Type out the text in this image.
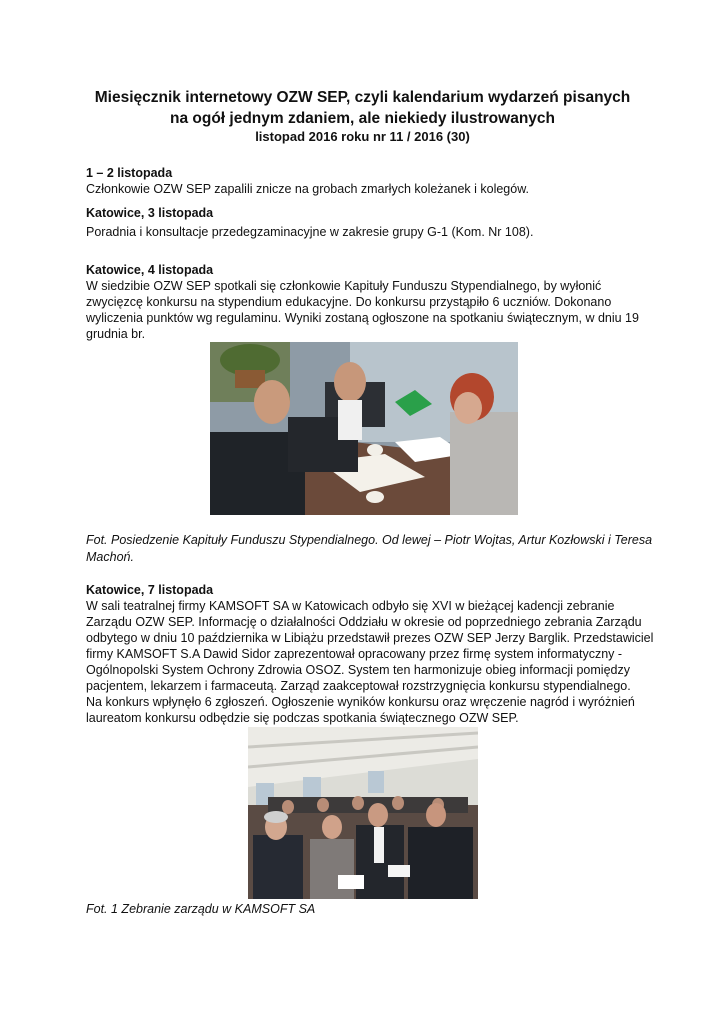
Miesięcznik internetowy OZW SEP, czyli kalendarium wydarzeń pisanych
na ogół jednym zdaniem, ale niekiedy ilustrowanych
listopad 2016 roku nr 11 / 2016 (30)
1 – 2 listopada
Członkowie OZW SEP zapalili znicze na grobach zmarłych koleżanek i kolegów.
Katowice, 3 listopada
Poradnia i konsultacje przedegzaminacyjne w zakresie grupy G-1 (Kom. Nr 108).
Katowice, 4 listopada
W siedzibie OZW SEP spotkali się członkowie Kapituły Funduszu Stypendialnego, by wyłonić
zwycięzcę konkursu na stypendium edukacyjne. Do konkursu przystąpiło 6 uczniów. Dokonano
wyliczenia punktów wg regulaminu. Wyniki zostaną ogłoszone na spotkaniu świątecznym, w dniu 19
grudnia br.
Fot. Posiedzenie Kapituły Funduszu Stypendialnego. Od lewej – Piotr Wojtas, Artur Kozłowski i Teresa Machoń.
Katowice, 7 listopada
W sali teatralnej firmy KAMSOFT SA w Katowicach odbyło się XVI w bieżącej kadencji zebranie
Zarządu OZW SEP. Informację o działalności Oddziału w okresie od poprzedniego zebrania Zarządu
odbytego w dniu 10 października w Libiążu przedstawił prezes OZW SEP Jerzy Barglik. Przedstawiciel
firmy KAMSOFT S.A Dawid Sidor zaprezentował opracowany przez firmę system informatyczny -
Ogólnopolski System Ochrony Zdrowia OSOZ. System ten harmonizuje obieg informacji pomiędzy
pacjentem, lekarzem i farmaceutą. Zarząd zaakceptował rozstrzygnięcia konkursu stypendialnego.
Na konkurs wpłynęło 6 zgłoszeń. Ogłoszenie wyników konkursu oraz wręczenie nagród i wyróżnień
laureatom konkursu odbędzie się podczas spotkania świątecznego OZW SEP.
Fot. 1 Zebranie zarządu w KAMSOFT SA
